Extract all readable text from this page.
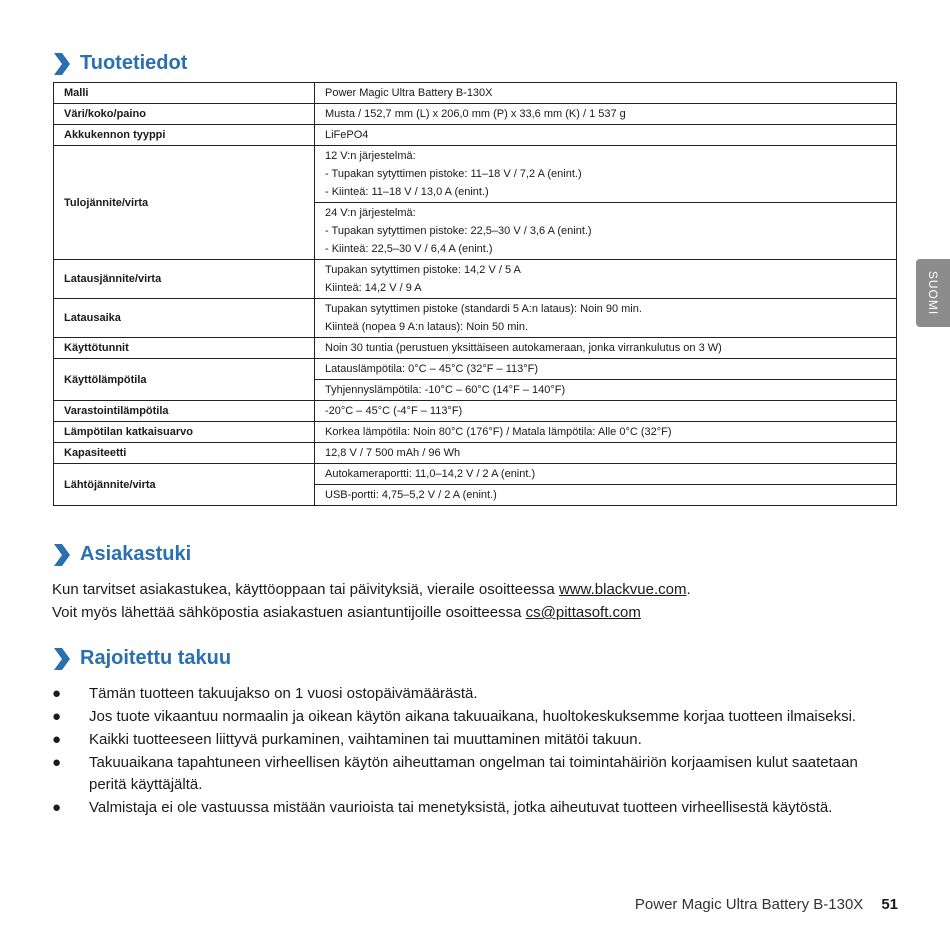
Tuotetiedot
Malli	Power Magic Ultra Battery B-130X

Väri/koko/paino	Musta / 152,7 mm (L) x 206,0 mm (P) x 33,6 mm (K) / 1 537 g

Akkukennon tyyppi	LiFePO4

Tulojännite/virta	12 V:n järjestelmä:
- Tupakan sytyttimen pistoke: 11–18 V / 7,2 A (enint.)
- Kiinteä: 11–18 V / 13,0 A (enint.)

	24 V:n järjestelmä:
- Tupakan sytyttimen pistoke: 22,5–30 V / 3,6 A (enint.)
- Kiinteä: 22,5–30 V / 6,4 A (enint.)

Latausjännite/virta	Tupakan sytyttimen pistoke: 14,2 V / 5 A
Kiinteä: 14,2 V / 9 A

Latausaika	Tupakan sytyttimen pistoke (standardi 5 A:n lataus): Noin 90 min.
Kiinteä (nopea 9 A:n lataus): Noin 50 min.

Käyttötunnit	Noin 30 tuntia (perustuen yksittäiseen autokameraan, jonka virrankulutus on 3 W)

Käyttölämpötila	Latauslämpötila: 0°C – 45°C (32°F – 113°F)

	Tyhjennyslämpötila: -10°C – 60°C (14°F – 140°F)

Varastointilämpötila	-20°C – 45°C (-4°F – 113°F)

Lämpötilan katkaisuarvo	Korkea lämpötila: Noin 80°C (176°F) / Matala lämpötila: Alle 0°C (32°F)

Kapasiteetti	12,8 V / 7 500 mAh / 96 Wh

Lähtöjännite/virta	Autokameraportti: 11,0–14,2 V / 2 A (enint.)

	USB-portti: 4,75–5,2 V / 2 A (enint.)
SUOMI
Asiakastuki
Kun tarvitset asiakastukea, käyttöoppaan tai päivityksiä, vieraile osoitteessa www.blackvue.com.
Voit myös lähettää sähköpostia asiakastuen asiantuntijoille osoitteessa cs@pittasoft.com
Rajoitettu takuu
● Tämän tuotteen takuujakso on 1 vuosi ostopäivämäärästä.
● Jos tuote vikaantuu normaalin ja oikean käytön aikana takuuaikana, huoltokeskuksemme korjaa tuotteen ilmaiseksi.
● Kaikki tuotteeseen liittyvä purkaminen, vaihtaminen tai muuttaminen mitätöi takuun.
● Takuuaikana tapahtuneen virheellisen käytön aiheuttaman ongelman tai toimintahäiriön korjaamisen kulut saatetaan peritä käyttäjältä.
● Valmistaja ei ole vastuussa mistään vaurioista tai menetyksistä, jotka aiheutuvat tuotteen virheellisestä käytöstä.
Power Magic Ultra Battery B-130X 51
